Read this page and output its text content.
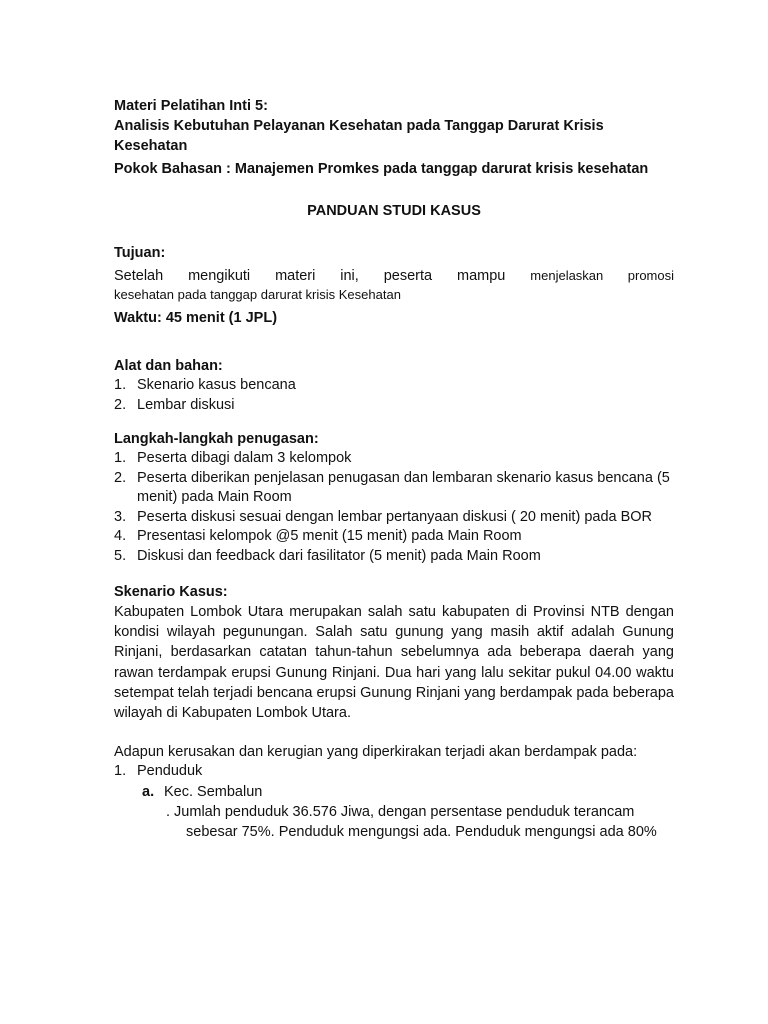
Materi Pelatihan Inti 5:

Analisis Kebutuhan Pelayanan Kesehatan pada Tanggap Darurat Krisis Kesehatan

Pokok Bahasan : Manajemen Promkes pada tanggap darurat krisis kesehatan

PANDUAN STUDI KASUS

Tujuan:

Setelah mengikuti materi ini, peserta mampu menjelaskan promosi

kesehatan pada tanggap darurat krisis Kesehatan

Waktu: 45 menit (1 JPL)

Alat dan bahan:

1. Skenario kasus bencana
2. Lembar diskusi

Langkah-langkah penugasan:

1. Peserta dibagi dalam 3 kelompok
2. Peserta diberikan penjelasan penugasan dan lembaran skenario kasus bencana (5 menit) pada Main Room
3. Peserta diskusi sesuai dengan lembar pertanyaan diskusi ( 20 menit) pada BOR
4. Presentasi kelompok @5 menit (15 menit) pada Main Room
5. Diskusi dan feedback dari fasilitator (5 menit) pada Main Room

Skenario Kasus:

Kabupaten Lombok Utara merupakan salah satu kabupaten di Provinsi NTB dengan kondisi wilayah pegunungan. Salah satu gunung yang masih aktif adalah Gunung Rinjani, berdasarkan catatan tahun-tahun sebelumnya ada beberapa daerah yang rawan terdampak erupsi Gunung Rinjani. Dua hari yang lalu sekitar pukul 04.00 waktu setempat telah terjadi bencana erupsi Gunung Rinjani yang berdampak pada beberapa wilayah di Kabupaten Lombok Utara.

Adapun kerusakan dan kerugian yang diperkirakan terjadi akan berdampak pada:

1. Penduduk
a. Kec. Sembalun

. Jumlah penduduk 36.576 Jiwa, dengan persentase penduduk terancam
sebesar 75%. Penduduk mengungsi ada. Penduduk mengungsi ada 80%
